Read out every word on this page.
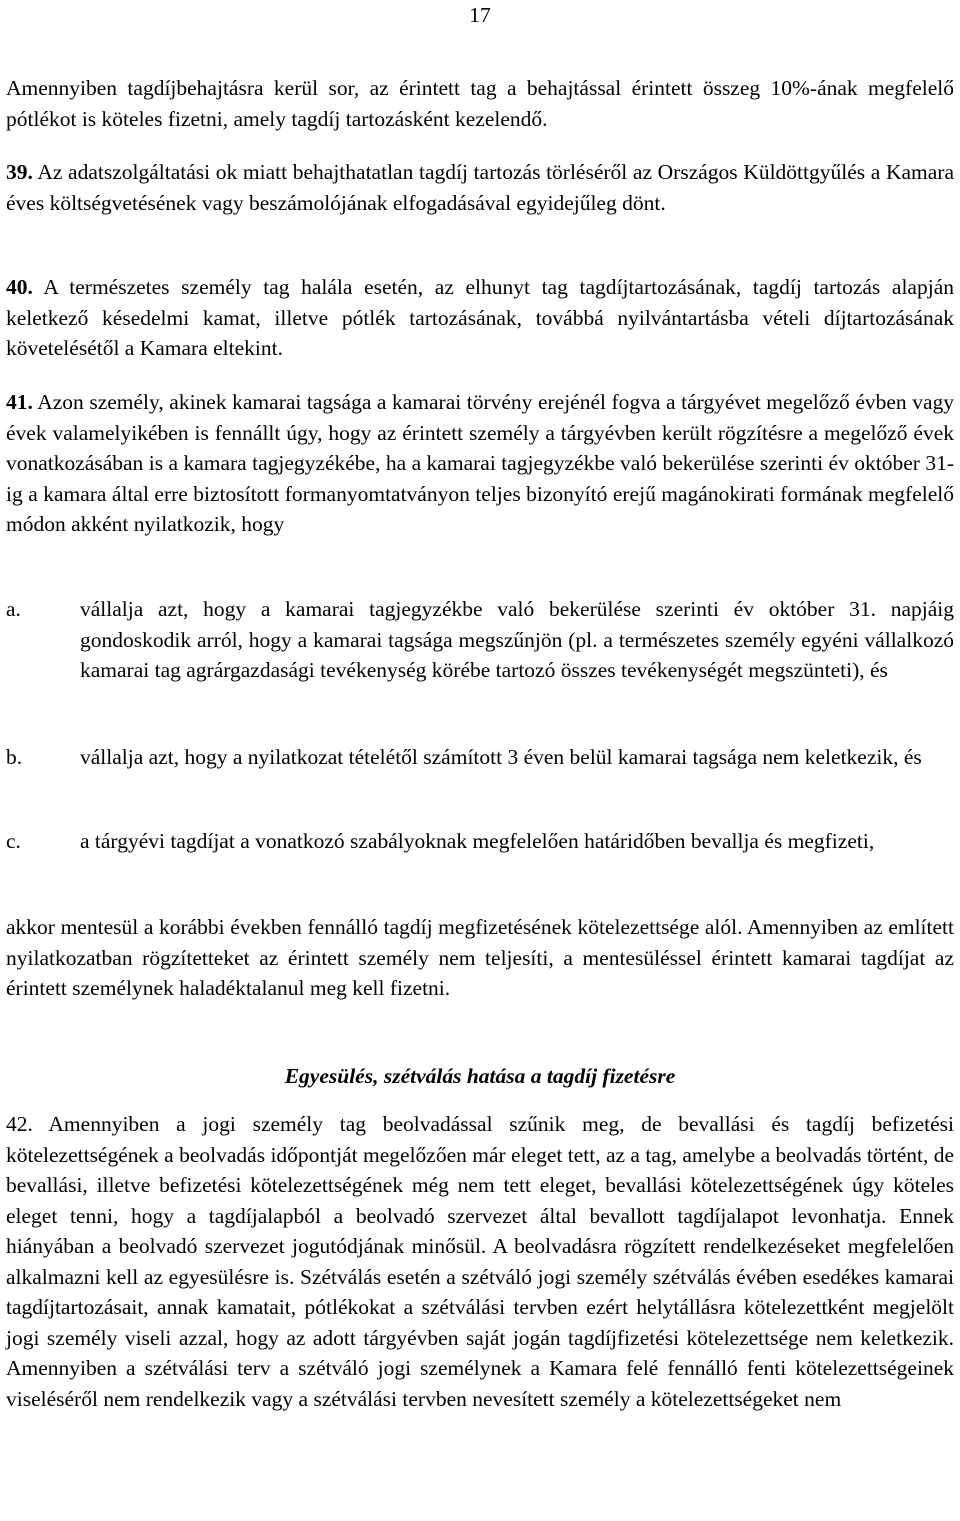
17

Amennyiben tagdíjbehajtásra kerül sor, az érintett tag a behajtással érintett összeg 10%-ának megfelelő pótlékot is köteles fizetni, amely tagdíj tartozásként kezelendő.

39. Az adatszolgáltatási ok miatt behajthatatlan tagdíj tartozás törléséről az Országos Küldöttgyűlés a Kamara éves költségvetésének vagy beszámolójának elfogadásával egyidejűleg dönt.

40. A természetes személy tag halála esetén, az elhunyt tag tagdíjtartozásának, tagdíj tartozás alapján keletkező késedelmi kamat, illetve pótlék tartozásának, továbbá nyilvántartásba vételi díjtartozásának követelésétől a Kamara eltekint.

41. Azon személy, akinek kamarai tagsága a kamarai törvény erejénél fogva a tárgyévet megelőző évben vagy évek valamelyikében is fennállt úgy, hogy az érintett személy a tárgyévben került rögzítésre a megelőző évek vonatkozásában is a kamara tagjegyzékébe, ha a kamarai tagjegyzékbe való bekerülése szerinti év október 31-ig a kamara által erre biztosított formanyomtatványon teljes bizonyító erejű magánokirati formának megfelelő módon akként nyilatkozik, hogy

a.	vállalja azt, hogy a kamarai tagjegyzékbe való bekerülése szerinti év október 31. napjáig gondoskodik arról, hogy a kamarai tagsága megszűnjön (pl. a természetes személy egyéni vállalkozó kamarai tag agrárgazdasági tevékenység körébe tartozó összes tevékenységét megszünteti), és
b.	vállalja azt, hogy a nyilatkozat tételétől számított 3 éven belül kamarai tagsága nem keletkezik, és
c.	a tárgyévi tagdíjat a vonatkozó szabályoknak megfelelően határidőben bevallja és megfizeti,

akkor mentesül a korábbi években fennálló tagdíj megfizetésének kötelezettsége alól. Amennyiben az említett nyilatkozatban rögzítetteket az érintett személy nem teljesíti, a mentesüléssel érintett kamarai tagdíjat az érintett személynek haladéktalanul meg kell fizetni.

Egyesülés, szétválás hatása a tagdíj fizetésre

42. Amennyiben a jogi személy tag beolvadással szűnik meg, de bevallási és tagdíj befizetési kötelezettségének a beolvadás időpontját megelőzően már eleget tett, az a tag, amelybe a beolvadás történt, de bevallási, illetve befizetési kötelezettségének még nem tett eleget, bevallási kötelezettségének úgy köteles eleget tenni, hogy a tagdíjalapból a beolvadó szervezet által bevallott tagdíjalapot levonhatja. Ennek hiányában a beolvadó szervezet jogutódjának minősül. A beolvadásra rögzített rendelkezéseket megfelelően alkalmazni kell az egyesülésre is. Szétválás esetén a szétváló jogi személy szétválás évében esedékes kamarai tagdíjtartozásait, annak kamatait, pótlékokat a szétválási tervben ezért helytállásra kötelezettként megjelölt jogi személy viseli azzal, hogy az adott tárgyévben saját jogán tagdíjfizetési kötelezettsége nem keletkezik. Amennyiben a szétválási terv a szétváló jogi személynek a Kamara felé fennálló fenti kötelezettségeinek viseléséről nem rendelkezik vagy a szétválási tervben nevesített személy a kötelezettségeket nem
